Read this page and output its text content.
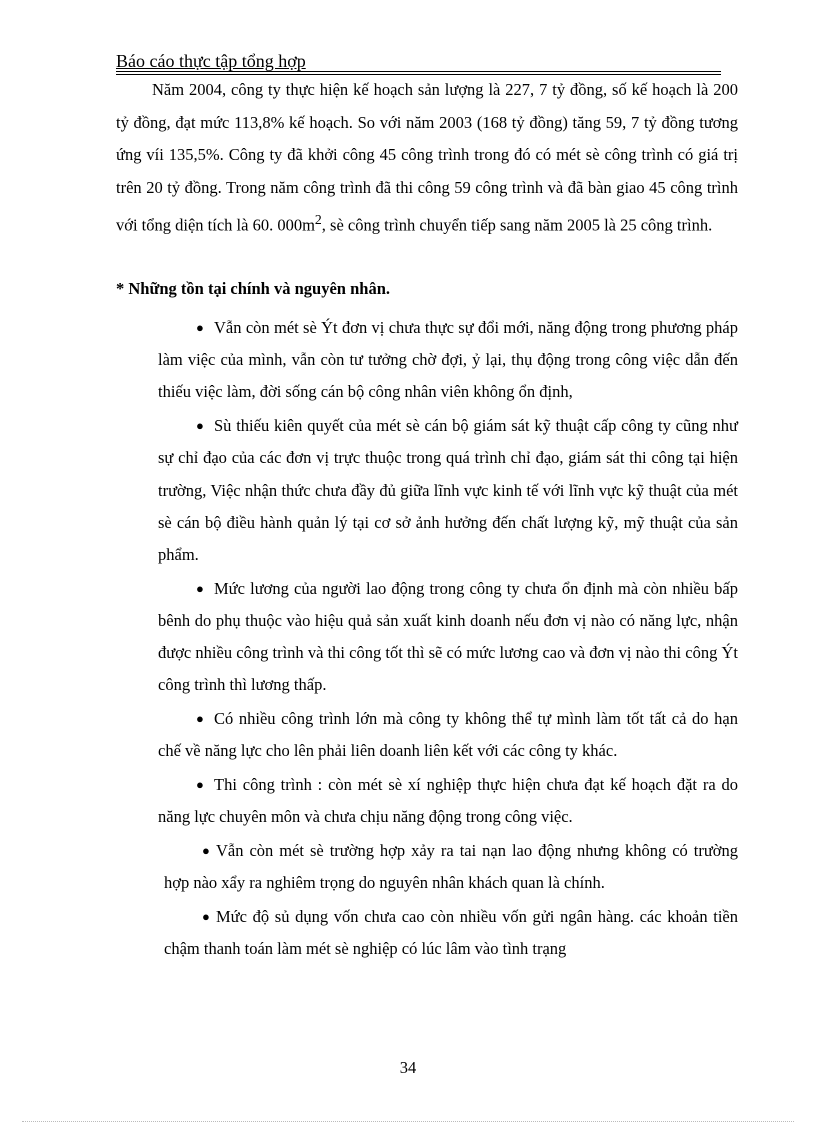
Báo cáo thực tập tổng hợp

Năm 2004, công ty thực hiện kế hoạch sản lượng là 227, 7 tỷ đồng, số kế hoạch là 200 tỷ đồng, đạt mức 113,8% kế hoạch. So với năm 2003 (168 tỷ đồng) tăng 59, 7 tỷ đồng tương ứng víi 135,5%. Công ty đã khởi công 45 công trình trong đó có mét sè công trình có giá trị trên 20 tỷ đồng. Trong năm công trình đã thi công 59 công trình và đã bàn giao 45 công trình với tổng diện tích là 60. $000m^2$, sè công trình chuyển tiếp sang năm 2005 là 25 công trình.

* Những tồn tại chính và nguyên nhân.

● Vẫn còn mét sè Ýt đơn vị chưa thực sự đổi mới, năng động trong phương pháp làm việc của mình, vẫn còn tư tưởng chờ đợi, ỷ lại, thụ động trong công việc dẫn đến thiếu việc làm, đời sống cán bộ công nhân viên không ổn định,
● Sù thiếu kiên quyết của mét sè cán bộ giám sát kỹ thuật cấp công ty cũng như sự chỉ đạo của các đơn vị trực thuộc trong quá trình chỉ đạo, giám sát thi công tại hiện trường, Việc nhận thức chưa đầy đủ giữa lĩnh vực kinh tế với lĩnh vực kỹ thuật của mét sè cán bộ điều hành quản lý tại cơ sở ảnh hưởng đến chất lượng kỹ, mỹ thuật của sản phẩm.
● Mức lương của người lao động trong công ty chưa ổn định mà còn nhiều bấp bênh do phụ thuộc vào hiệu quả sản xuất kinh doanh nếu đơn vị nào có năng lực, nhận được nhiều công trình và thi công tốt thì sẽ có mức lương cao và đơn vị nào thi công Ýt công trình thì lương thấp.
● Có nhiều công trình lớn mà công ty không thể tự mình làm tốt tất cả do hạn chế về năng lực cho lên phải liên doanh liên kết với các công ty khác.
● Thi công trình : còn mét sè xí nghiệp thực hiện chưa đạt kế hoạch đặt ra do năng lực chuyên môn và chưa chịu năng động trong công việc.
● Vẫn còn mét sè trường hợp xảy ra tai nạn lao động nhưng không có trường hợp nào xẩy ra nghiêm trọng do nguyên nhân khách quan là chính.
● Mức độ sủ dụng vốn chưa cao còn nhiều vốn gửi ngân hàng. các khoản tiền chậm thanh toán làm mét sè nghiệp có lúc lâm vào tình trạng
34
